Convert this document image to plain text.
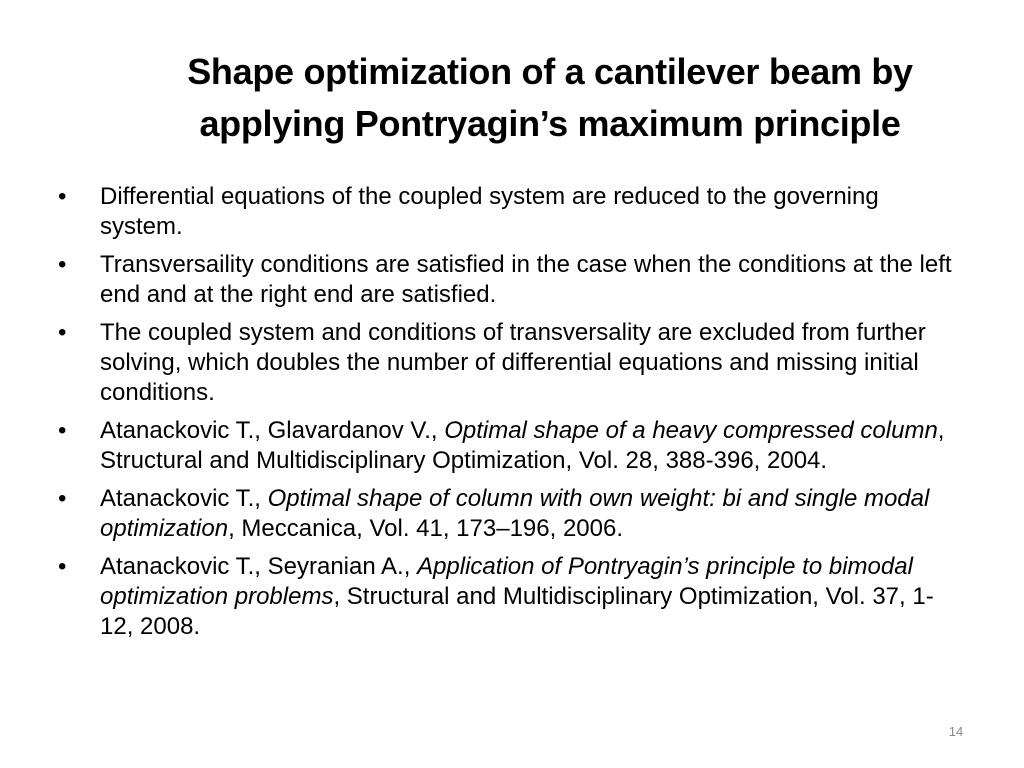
Shape optimization of a cantilever beam by applying Pontryagin’s maximum principle
• Differential equations of the coupled system are reduced to the governing system.
• Transversaility conditions are satisfied in the case when the conditions at the left end and at the right end are satisfied.
• The coupled system and conditions of transversality are excluded from further solving, which doubles the number of differential equations and missing initial conditions.
• Atanackovic T., Glavardanov V., Optimal shape of a heavy compressed column, Structural and Multidisciplinary Optimization, Vol. 28, 388-396, 2004.
• Atanackovic T., Optimal shape of column with own weight: bi and single modal optimization, Meccanica, Vol. 41, 173–196, 2006.
• Atanackovic T., Seyranian A., Application of Pontryagin’s principle to bimodal optimization problems, Structural and Multidisciplinary Optimization, Vol. 37, 1-12, 2008.
14
